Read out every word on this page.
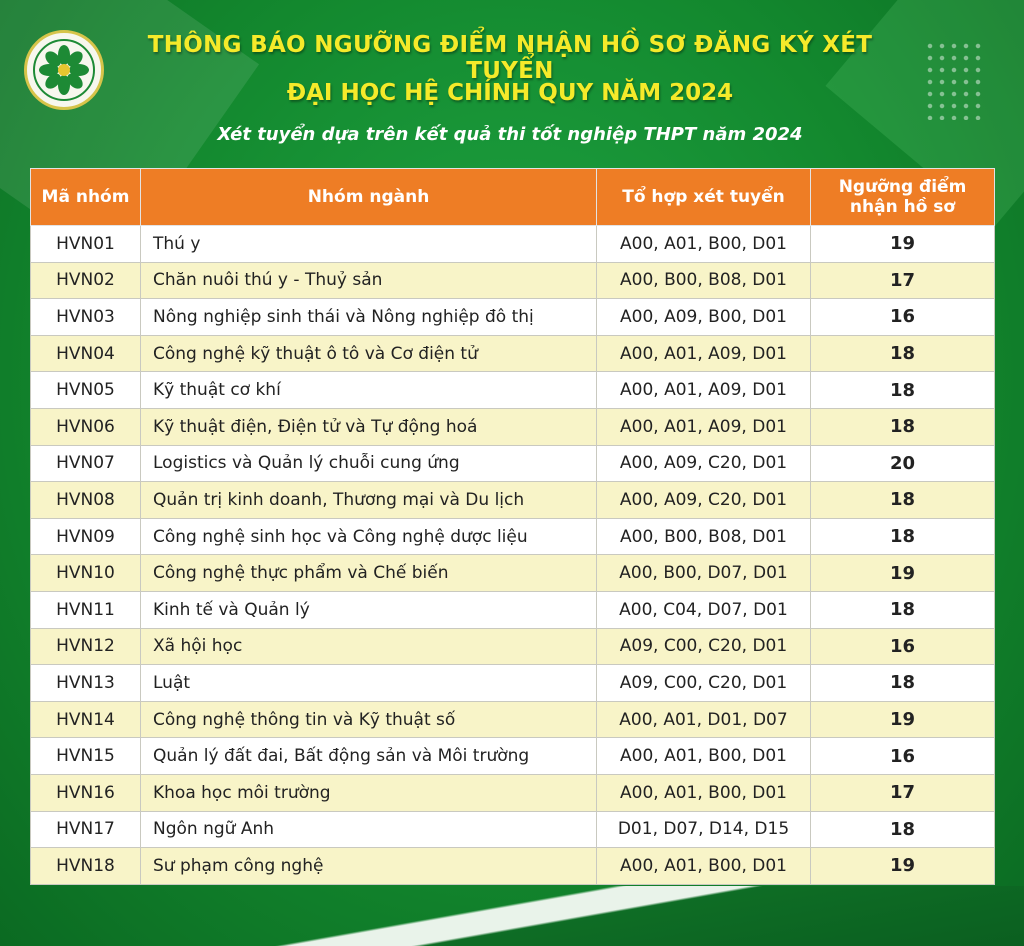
THÔNG BÁO NGƯỠNG ĐIỂM NHẬN HỒ SƠ ĐĂNG KÝ XÉT TUYỂN
ĐẠI HỌC HỆ CHÍNH QUY NĂM 2024
Xét tuyển dựa trên kết quả thi tốt nghiệp THPT năm 2024
Mã nhóm	Nhóm ngành	Tổ hợp xét tuyển	Ngưỡng điểm nhận hồ sơ
HVN01	Thú y	A00, A01, B00, D01	19
HVN02	Chăn nuôi thú y - Thuỷ sản	A00, B00, B08, D01	17
HVN03	Nông nghiệp sinh thái và Nông nghiệp đô thị	A00, A09, B00, D01	16
HVN04	Công nghệ kỹ thuật ô tô và Cơ điện tử	A00, A01, A09, D01	18
HVN05	Kỹ thuật cơ khí	A00, A01, A09, D01	18
HVN06	Kỹ thuật điện, Điện tử và Tự động hoá	A00, A01, A09, D01	18
HVN07	Logistics và Quản lý chuỗi cung ứng	A00, A09, C20, D01	20
HVN08	Quản trị kinh doanh, Thương mại và Du lịch	A00, A09, C20, D01	18
HVN09	Công nghệ sinh học và Công nghệ dược liệu	A00, B00, B08, D01	18
HVN10	Công nghệ thực phẩm và Chế biến	A00, B00, D07, D01	19
HVN11	Kinh tế và Quản lý	A00, C04, D07, D01	18
HVN12	Xã hội học	A09, C00, C20, D01	16
HVN13	Luật	A09, C00, C20, D01	18
HVN14	Công nghệ thông tin và Kỹ thuật số	A00, A01, D01, D07	19
HVN15	Quản lý đất đai, Bất động sản và Môi trường	A00, A01, B00, D01	16
HVN16	Khoa học môi trường	A00, A01, B00, D01	17
HVN17	Ngôn ngữ Anh	D01, D07, D14, D15	18
HVN18	Sư phạm công nghệ	A00, A01, B00, D01	19
